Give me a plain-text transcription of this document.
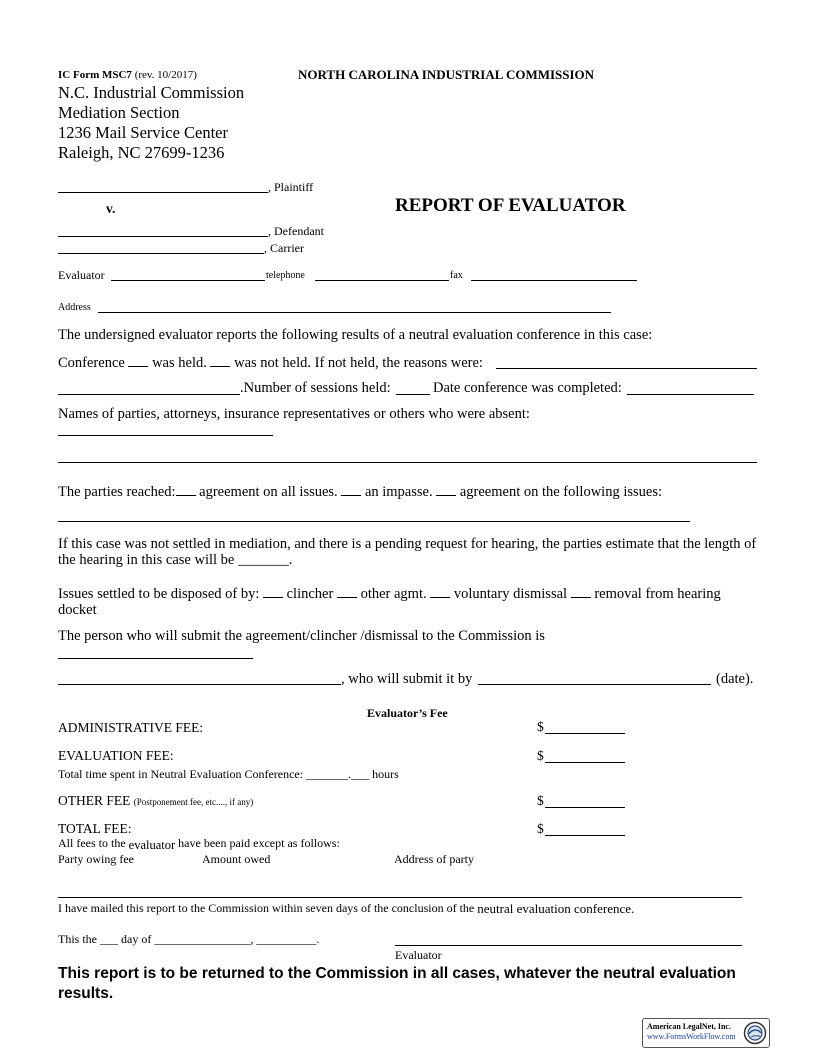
IC Form MSC7 (rev. 10/2017)	NORTH CAROLINA INDUSTRIAL COMMISSION
N.C. Industrial Commission
Mediation Section
1236 Mail Service Center
Raleigh, NC 27699-1236
, Plaintiff
v.	REPORT OF EVALUATOR
, Defendant
, Carrier
Evaluator	telephone	fax
Address
The undersigned evaluator reports the following results of a neutral evaluation conference in this case:
Conference was held. was not held. If not held, the reasons were:
.Number of sessions held:	Date conference was completed:
Names of parties, attorneys, insurance representatives or others who were absent:
The parties reached: agreement on all issues. an impasse. agreement on the following issues:
If this case was not settled in mediation, and there is a pending request for hearing, the parties estimate that the length of the hearing in this case will be _______.
Issues settled to be disposed of by: clincher other agmt. voluntary dismissal removal from hearing docket
The person who will submit the agreement/clincher /dismissal to the Commission is
, who will submit it by	(date).
Evaluator’s Fee
ADMINISTRATIVE FEE:	$
EVALUATION FEE:	$
Total time spent in Neutral Evaluation Conference: _______.___ hours
OTHER FEE (Postponement fee, etc...., if any)	$
TOTAL FEE:	$
All fees to the evaluator have been paid except as follows:
Party owing fee	Amount owed	Address of party
I have mailed this report to the Commission within seven days of the conclusion of the neutral evaluation conference.
This the ___ day of ________________, __________.
Evaluator
This report is to be returned to the Commission in all cases, whatever the neutral evaluation results.
American LegalNet, Inc.
www.FormsWorkFlow.com
